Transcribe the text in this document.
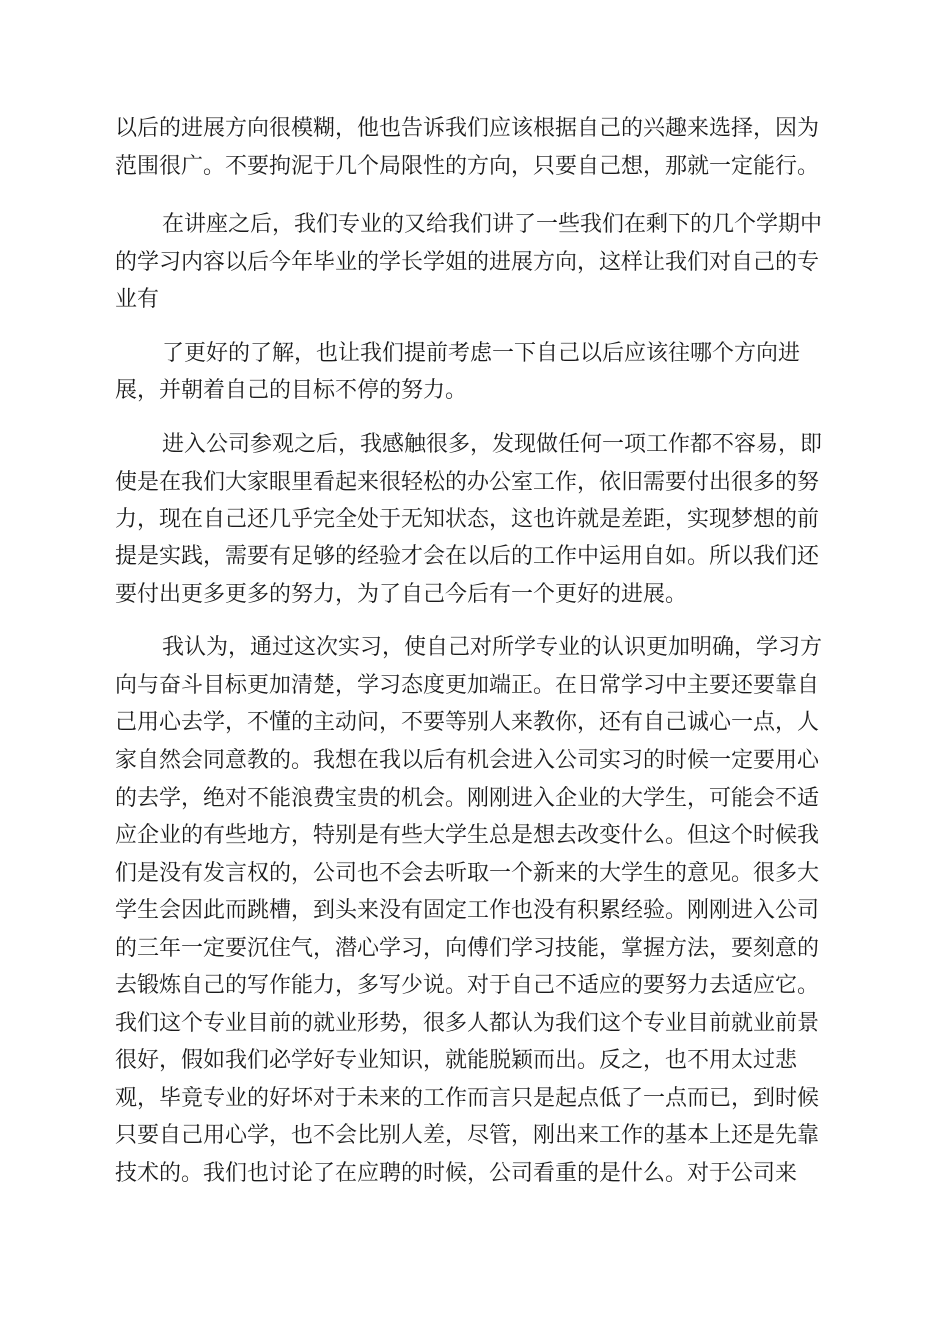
以后的进展方向很模糊，他也告诉我们应该根据自己的兴趣来选择，因为

范围很广。不要拘泥于几个局限性的方向，只要自己想，那就一定能行。

在讲座之后，我们专业的又给我们讲了一些我们在剩下的几个学期中

的学习内容以后今年毕业的学长学姐的进展方向，这样让我们对自己的专

业有

了更好的了解，也让我们提前考虑一下自己以后应该往哪个方向进

展，并朝着自己的目标不停的努力。

进入公司参观之后，我感触很多，发现做任何一项工作都不容易，即

使是在我们大家眼里看起来很轻松的办公室工作，依旧需要付出很多的努

力，现在自己还几乎完全处于无知状态，这也许就是差距，实现梦想的前

提是实践，需要有足够的经验才会在以后的工作中运用自如。所以我们还

要付出更多更多的努力，为了自己今后有一个更好的进展。

我认为，通过这次实习，使自己对所学专业的认识更加明确，学习方

向与奋斗目标更加清楚，学习态度更加端正。在日常学习中主要还要靠自

己用心去学，不懂的主动问，不要等别人来教你，还有自己诚心一点，人

家自然会同意教的。我想在我以后有机会进入公司实习的时候一定要用心

的去学，绝对不能浪费宝贵的机会。刚刚进入企业的大学生，可能会不适

应企业的有些地方，特别是有些大学生总是想去改变什么。但这个时候我

们是没有发言权的，公司也不会去听取一个新来的大学生的意见。很多大

学生会因此而跳槽，到头来没有固定工作也没有积累经验。刚刚进入公司

的三年一定要沉住气，潜心学习，向傅们学习技能，掌握方法，要刻意的

去锻炼自己的写作能力，多写少说。对于自己不适应的要努力去适应它。

我们这个专业目前的就业形势，很多人都认为我们这个专业目前就业前景

很好，假如我们必学好专业知识，就能脱颖而出。反之，也不用太过悲

观，毕竟专业的好坏对于未来的工作而言只是起点低了一点而已，到时候

只要自己用心学，也不会比别人差，尽管，刚出来工作的基本上还是先靠

技术的。我们也讨论了在应聘的时候，公司看重的是什么。对于公司来
